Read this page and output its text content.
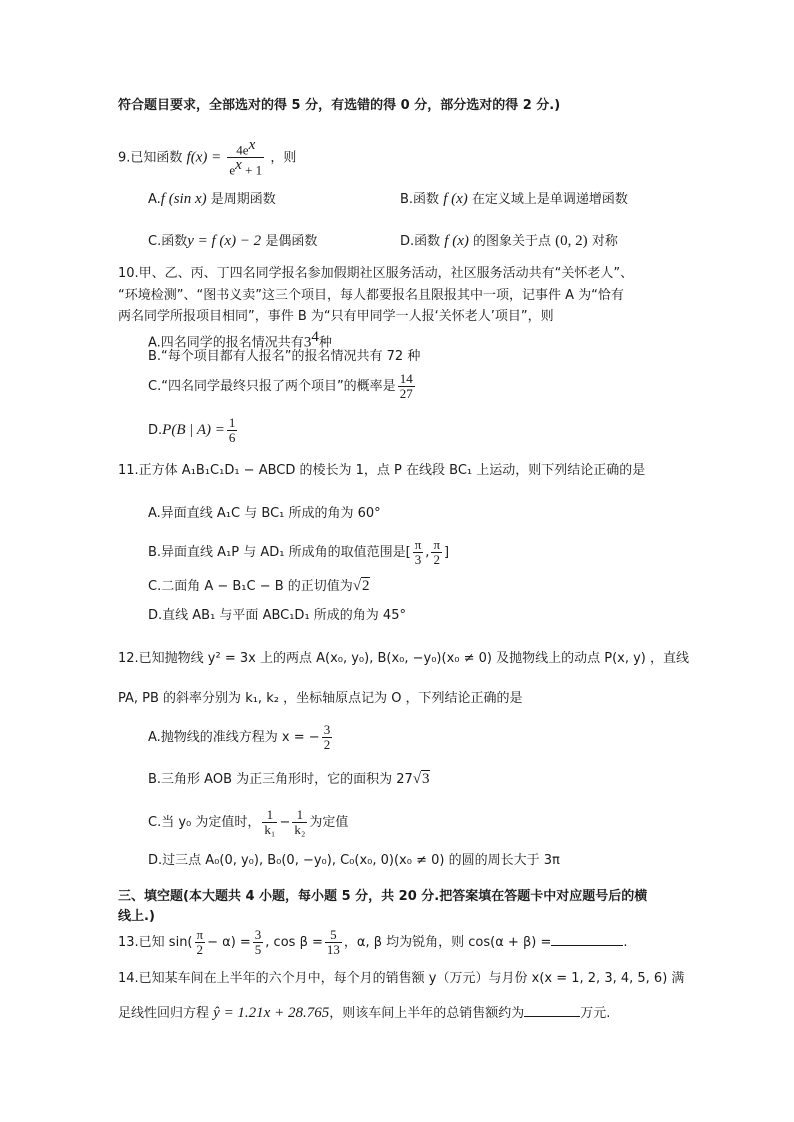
符合题目要求，全部选对的得 5 分，有选错的得 0 分，部分选对的得 2 分.)
9.已知函数 $f(x) = \frac{4e^x}{e^x + 1}$ ，则
A.f (sin x) 是周期函数	B.函数 f (x) 在定义域上是单调递增函数
C.函数y = f (x) − 2 是偶函数	D.函数 f (x) 的图象关于点 (0, 2) 对称
10.甲、乙、丙、丁四名同学报名参加假期社区服务活动，社区服务活动共有“关怀老人”、
“环境检测”、“图书义卖”这三个项目，每人都要报名且限报其中一项，记事件 A 为“恰有
两名同学所报项目相同”，事件 B 为“只有甲同学一人报‘关怀老人’项目”，则
A.四名同学的报名情况共有$3^4$种
B.“每个项目都有人报名”的报名情况共有 72 种
C.“四名同学最终只报了两个项目”的概率是 $\frac{14}{27}$
D.P(B | $A) = \frac{1}{6}$
11.正方体 A₁B₁C₁D₁ − ABCD 的棱长为 1，点 P 在线段 BC₁ 上运动，则下列结论正确的是
A.异面直线 A₁C 与 BC₁ 所成的角为 60°
B.异面直线 A₁P 与 AD₁ 所成角的取值范围是[ $\frac{\pi}{3}$ , $\frac{\pi}{2}$ ]
C.二面角 A − B₁C − B 的正切值为√2
D.直线 AB₁ 与平面 ABC₁D₁ 所成的角为 45°
12.已知抛物线 y² = 3x 上的两点 A(x₀, y₀), B(x₀, −y₀)(x₀ ≠ 0) 及抛物线上的动点 P(x, y) ，直线
PA, PB 的斜率分别为 k₁, k₂ ，坐标轴原点记为 O ，下列结论正确的是
A.抛物线的准线方程为 x = − $\frac{3}{2}$
B.三角形 AOB 为正三角形时，它的面积为 27√3
C.当 y₀ 为定值时， $\frac{1}{\text{k₁}} - \frac{1}{\text{k₂}}$ 为定值
D.过三点 A₀(0, y₀), B₀(0, −y₀), C₀(x₀, 0)(x₀ ≠ 0) 的圆的周长大于 3π
三、填空题(本大题共 4 小题，每小题 5 分，共 20 分.把答案填在答题卡中对应题号后的横
线上.)
13.已知 $\sin( \frac{\pi}{2} - \alpha) = \frac{3}{5}$ , $\cos \beta = \frac{5}{13}$ ，α, β 均为锐角，则 cos(α + β) =	.
14.已知某车间在上半年的六个月中，每个月的销售额 y（万元）与月份 x(x = 1, 2, 3, 4, 5, 6) 满
足线性回归方程 ŷ = 1.21x + 28.765，则该车间上半年的总销售额约为	万元.
